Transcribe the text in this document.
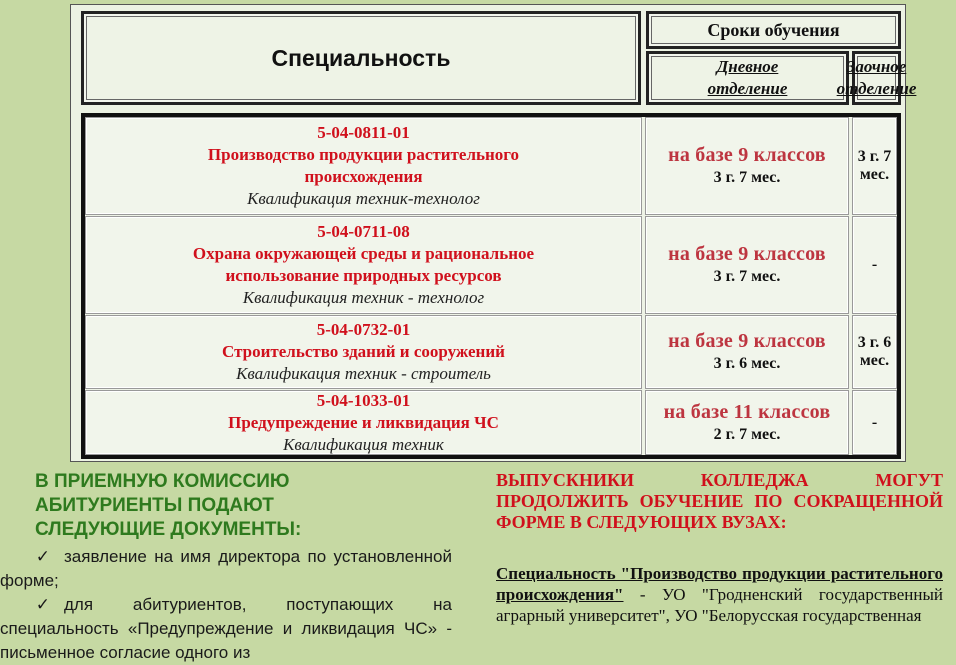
Специальность
Сроки обучения
Дневное
отделение
Заочное
отделение
5-04-0811-01
Производство продукции растительного
происхождения
Квалификация техник-технолог
на базе 9 классов
3 г. 7 мес.
3 г. 7 мес.
5-04-0711-08
Охрана окружающей среды и рациональное
использование природных ресурсов
Квалификация техник - технолог
на базе 9 классов
3 г. 7 мес.
-
5-04-0732-01
Строительство зданий и сооружений
Квалификация техник - строитель
на базе 9 классов
3 г. 6 мес.
3 г. 6 мес.
5-04-1033-01
Предупреждение и ликвидация ЧС
Квалификация техник
на базе 11 классов
2 г. 7 мес.
-
В ПРИЕМНУЮ КОМИССИЮ
АБИТУРИЕНТЫ ПОДАЮТ
СЛЕДУЮЩИЕ ДОКУМЕНТЫ:
✓ заявление на имя директора по установленной форме;
✓ для абитуриентов, поступающих на специальность «Предупреждение и ликвидация ЧС» - письменное согласие одного из
ВЫПУСКНИКИ КОЛЛЕДЖА МОГУТ ПРОДОЛЖИТЬ ОБУЧЕНИЕ ПО СОКРАЩЕННОЙ ФОРМЕ В СЛЕДУЮЩИХ ВУЗАХ:
Специальность "Производство продукции растительного происхождения" - УО "Гродненский государственный аграрный университет", УО "Белорусская государственная
